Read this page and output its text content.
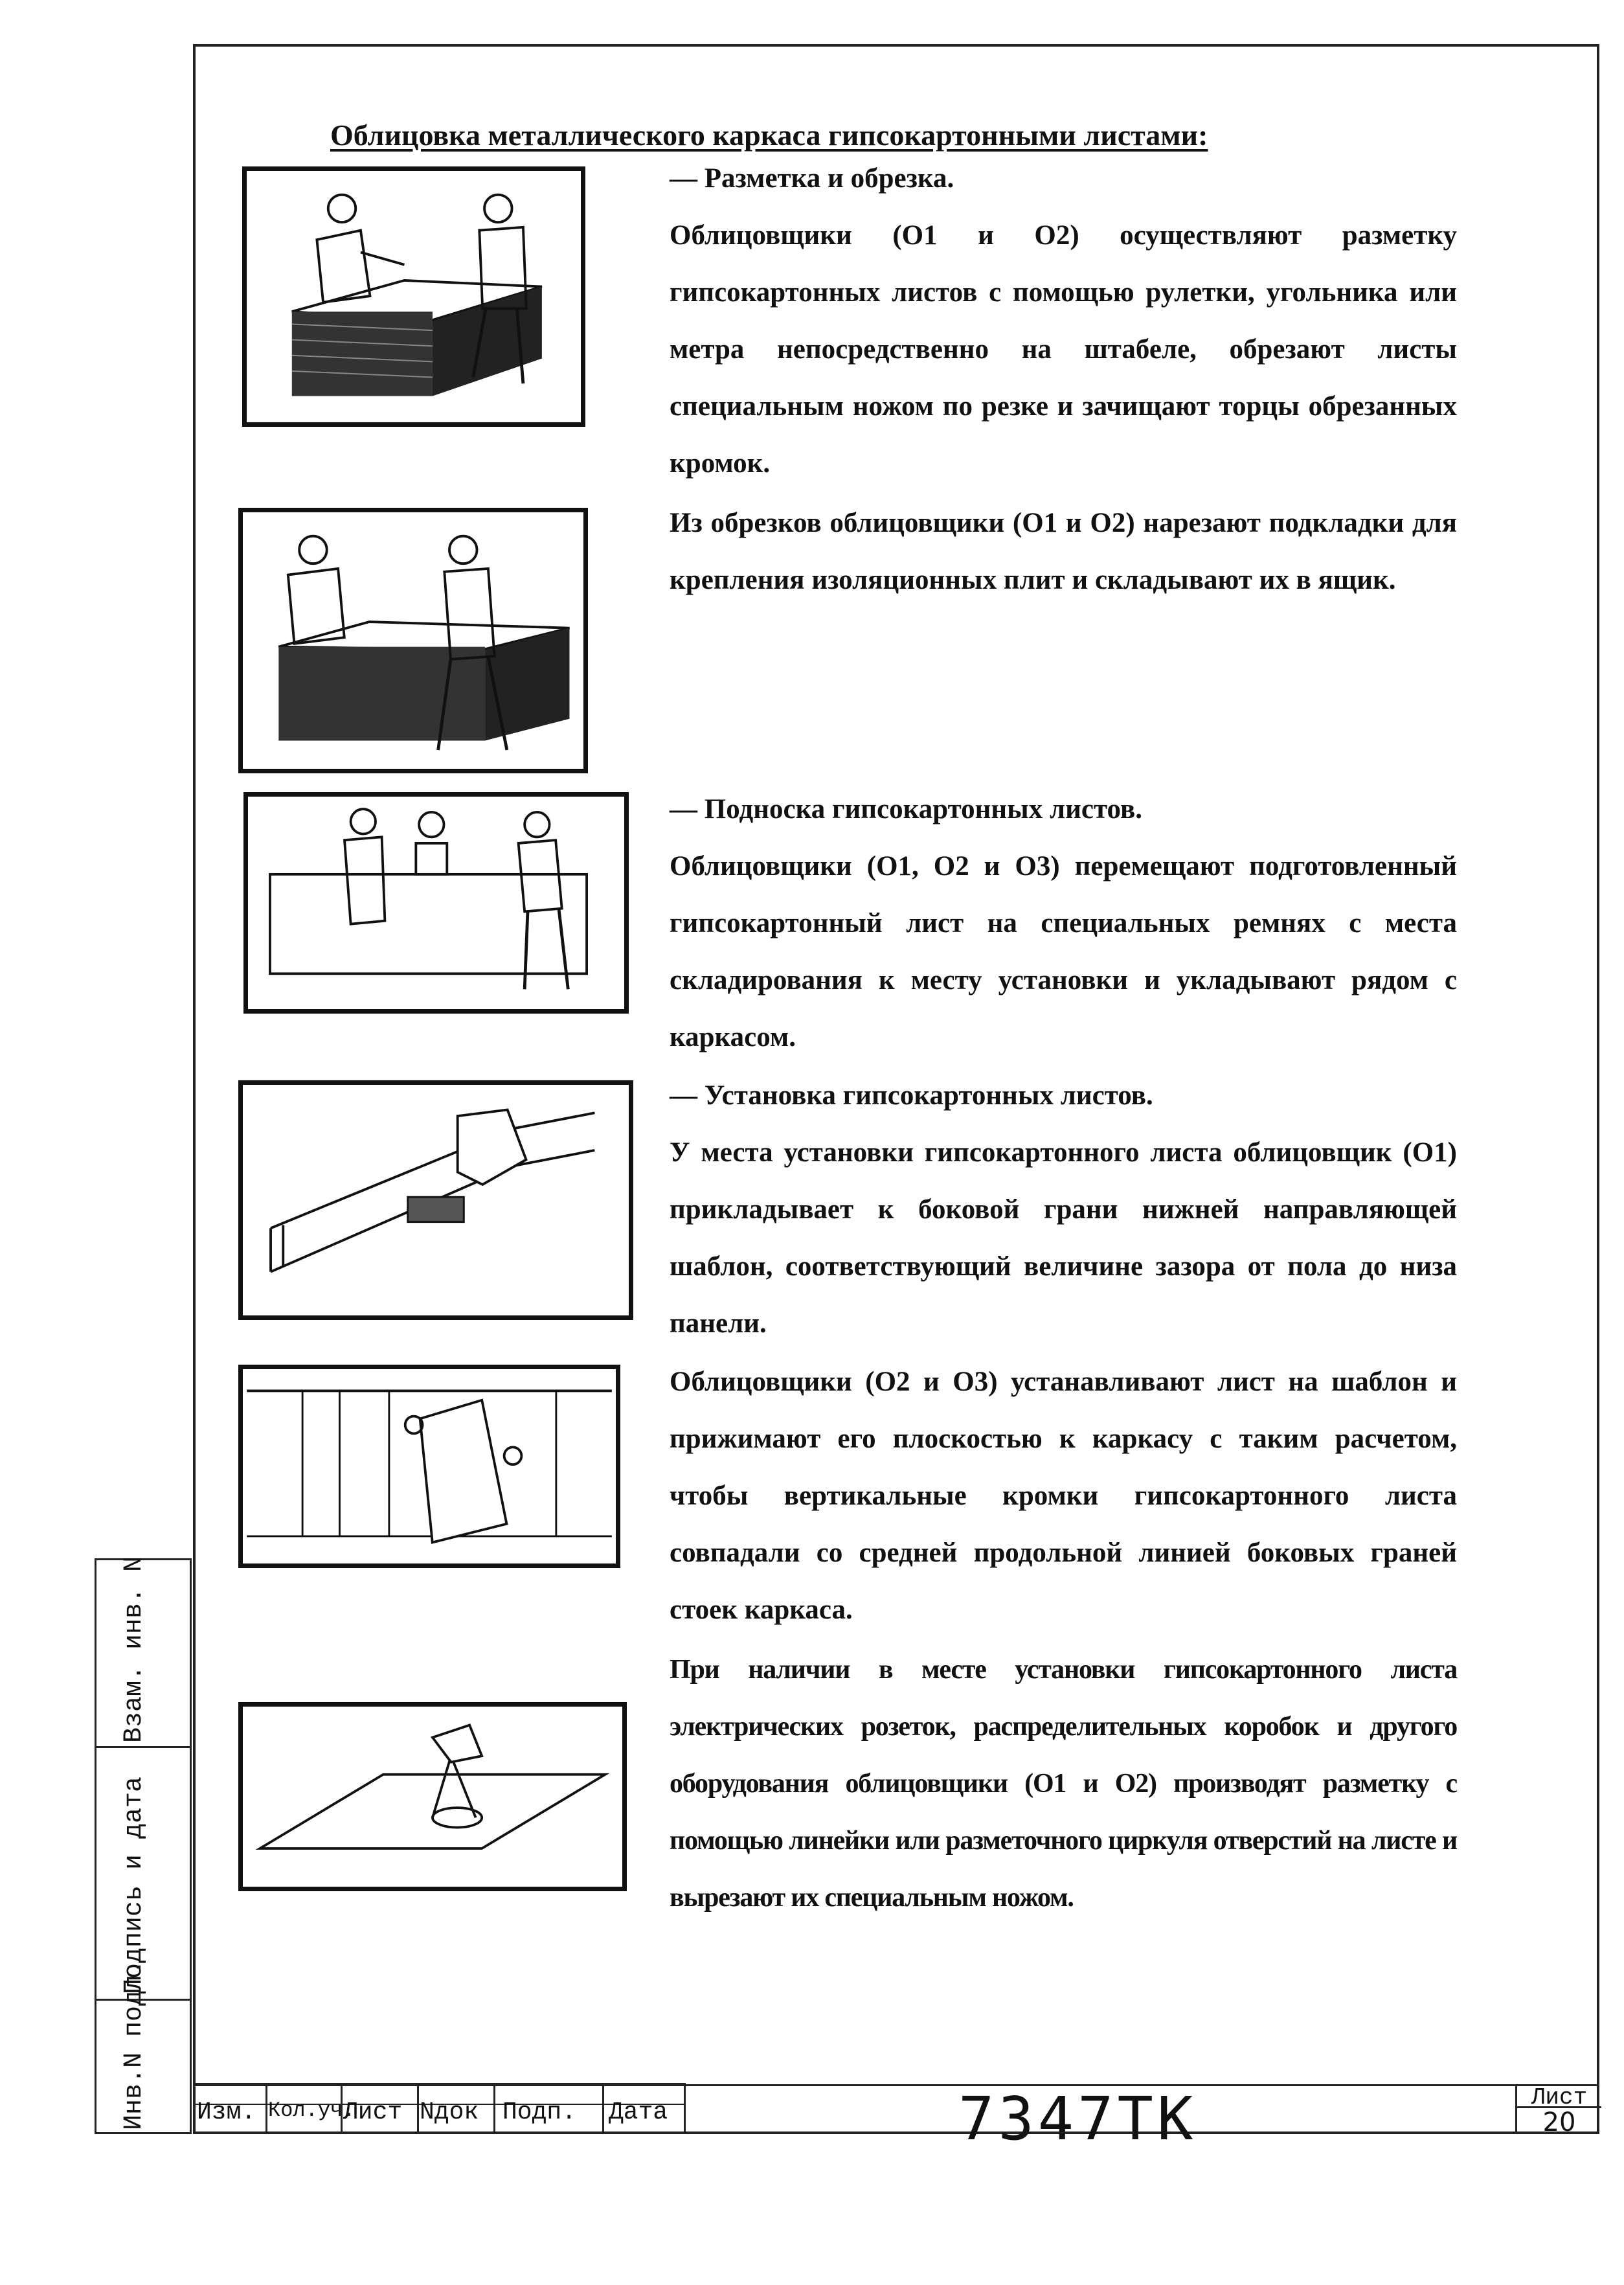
Облицовка металлического каркаса гипсокартонными листами:

— Разметка и обрезка.

Облицовщики (О1 и О2) осуществляют разметку гипсокартонных листов с помощью рулетки, угольника или метра непосредственно на штабеле, обрезают листы специальным ножом по резке и зачищают торцы обрезанных кромок.

Из обрезков облицовщики (О1 и О2) нарезают подкладки для крепления изоляционных плит и складывают их в ящик.

— Подноска гипсокартонных листов.

Облицовщики (О1, О2 и О3) перемещают подготовленный гипсокартонный лист на специальных ремнях с места складирования к месту установки и укладывают рядом с каркасом.

— Установка гипсокартонных листов.

У места установки гипсокартонного листа облицовщик (О1) прикладывает к боковой грани нижней направляющей шаблон, соответствующий величине зазора от пола до низа панели.

Облицовщики (О2 и О3) устанавливают лист на шаблон и прижимают его плоскостью к каркасу с таким расчетом, чтобы вертикальные кромки гипсокартонного листа совпадали со средней продольной линией боковых граней стоек каркаса.

При наличии в месте установки гипсокартонного листа электрических розеток, распределительных коробок и другого оборудования облицовщики (О1 и О2) производят разметку с помощью линейки или разметочного циркуля отверстий на листе и вырезают их специальным ножом.

Взам. инв. N
Подпись и дата
Инв.N подл. Изм. Кол.уч.
Лист Nдок Подп. Дата	7347ТК	Лист
20
